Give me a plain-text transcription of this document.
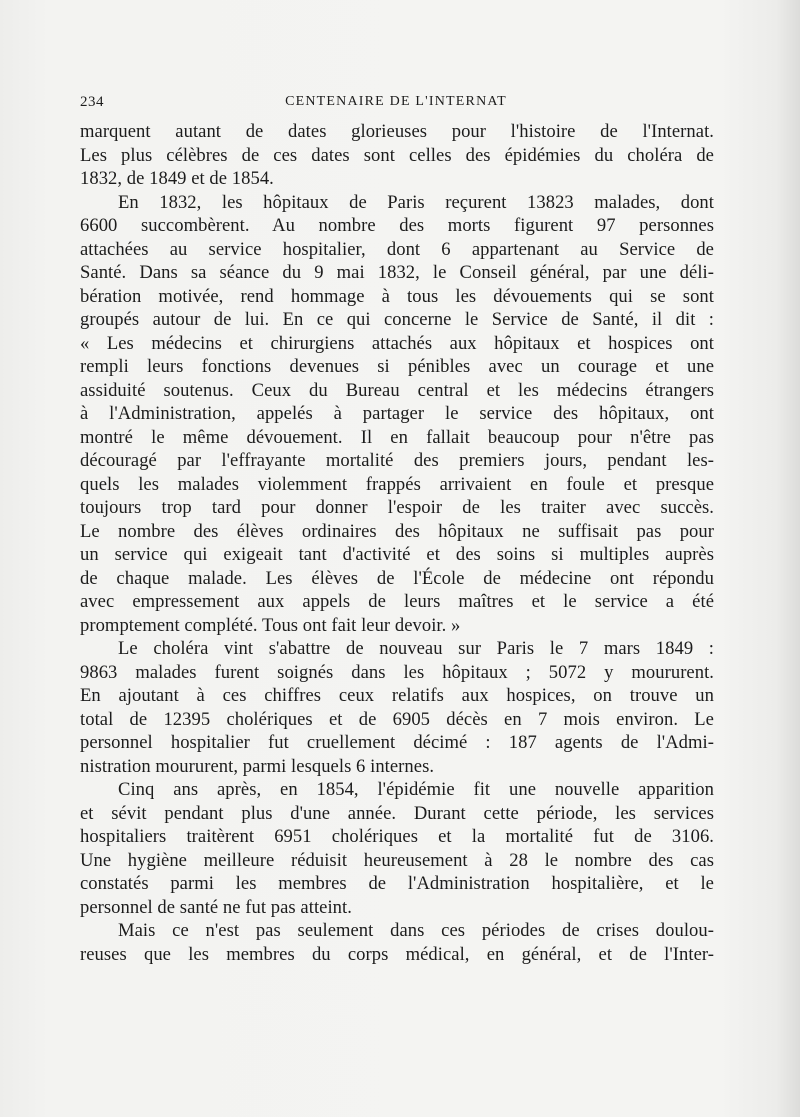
234	CENTENAIRE DE L'INTERNAT
marquent autant de dates glorieuses pour l'histoire de l'Internat.
Les plus célèbres de ces dates sont celles des épidémies du choléra de
1832, de 1849 et de 1854.
En 1832, les hôpitaux de Paris reçurent 13823 malades, dont
6600 succombèrent. Au nombre des morts figurent 97 personnes
attachées au service hospitalier, dont 6 appartenant au Service de
Santé. Dans sa séance du 9 mai 1832, le Conseil général, par une déli-
bération motivée, rend hommage à tous les dévouements qui se sont
groupés autour de lui. En ce qui concerne le Service de Santé, il dit :
« Les médecins et chirurgiens attachés aux hôpitaux et hospices ont
rempli leurs fonctions devenues si pénibles avec un courage et une
assiduité soutenus. Ceux du Bureau central et les médecins étrangers
à l'Administration, appelés à partager le service des hôpitaux, ont
montré le même dévouement. Il en fallait beaucoup pour n'être pas
découragé par l'effrayante mortalité des premiers jours, pendant les-
quels les malades violemment frappés arrivaient en foule et presque
toujours trop tard pour donner l'espoir de les traiter avec succès.
Le nombre des élèves ordinaires des hôpitaux ne suffisait pas pour
un service qui exigeait tant d'activité et des soins si multiples auprès
de chaque malade. Les élèves de l'École de médecine ont répondu
avec empressement aux appels de leurs maîtres et le service a été
promptement complété. Tous ont fait leur devoir. »
Le choléra vint s'abattre de nouveau sur Paris le 7 mars 1849 :
9863 malades furent soignés dans les hôpitaux ; 5072 y moururent.
En ajoutant à ces chiffres ceux relatifs aux hospices, on trouve un
total de 12395 cholériques et de 6905 décès en 7 mois environ. Le
personnel hospitalier fut cruellement décimé : 187 agents de l'Admi-
nistration moururent, parmi lesquels 6 internes.
Cinq ans après, en 1854, l'épidémie fit une nouvelle apparition
et sévit pendant plus d'une année. Durant cette période, les services
hospitaliers traitèrent 6951 cholériques et la mortalité fut de 3106.
Une hygiène meilleure réduisit heureusement à 28 le nombre des cas
constatés parmi les membres de l'Administration hospitalière, et le
personnel de santé ne fut pas atteint.
Mais ce n'est pas seulement dans ces périodes de crises doulou-
reuses que les membres du corps médical, en général, et de l'Inter-
